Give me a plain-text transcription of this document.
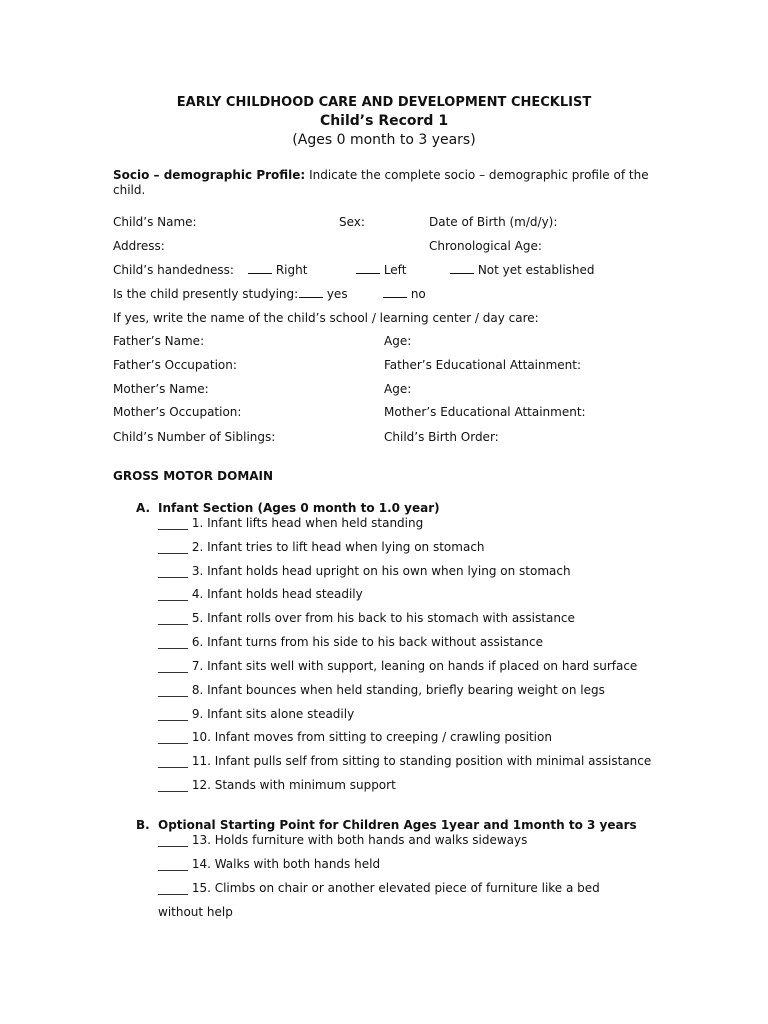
EARLY CHILDHOOD CARE AND DEVELOPMENT CHECKLIST
Child’s Record 1
(Ages 0 month to 3 years)
Socio – demographic Profile: Indicate the complete socio – demographic profile of the
child.
Child’s Name:	Sex:	Date of Birth (m/d/y):
Address:	Chronological Age:
Child’s handedness:	Right	Left	Not yet established
Is the child presently studying:	yes	no
If yes, write the name of the child’s school / learning center / day care:
Father’s Name:	Age:
Father’s Occupation:	Father’s Educational Attainment:
Mother’s Name:	Age:
Mother’s Occupation:	Mother’s Educational Attainment:
Child’s Number of Siblings:	Child’s Birth Order:
GROSS MOTOR DOMAIN
A. Infant Section (Ages 0 month to 1.0 year)
_____ 1. Infant lifts head when held standing
_____ 2. Infant tries to lift head when lying on stomach
_____ 3. Infant holds head upright on his own when lying on stomach
_____ 4. Infant holds head steadily
_____ 5. Infant rolls over from his back to his stomach with assistance
_____ 6. Infant turns from his side to his back without assistance
_____ 7. Infant sits well with support, leaning on hands if placed on hard surface
_____ 8. Infant bounces when held standing, briefly bearing weight on legs
_____ 9. Infant sits alone steadily
_____ 10. Infant moves from sitting to creeping / crawling position
_____ 11. Infant pulls self from sitting to standing position with minimal assistance
_____ 12. Stands with minimum support
B. Optional Starting Point for Children Ages 1year and 1month to 3 years
_____ 13. Holds furniture with both hands and walks sideways
_____ 14. Walks with both hands held
_____ 15. Climbs on chair or another elevated piece of furniture like a bed
without help
